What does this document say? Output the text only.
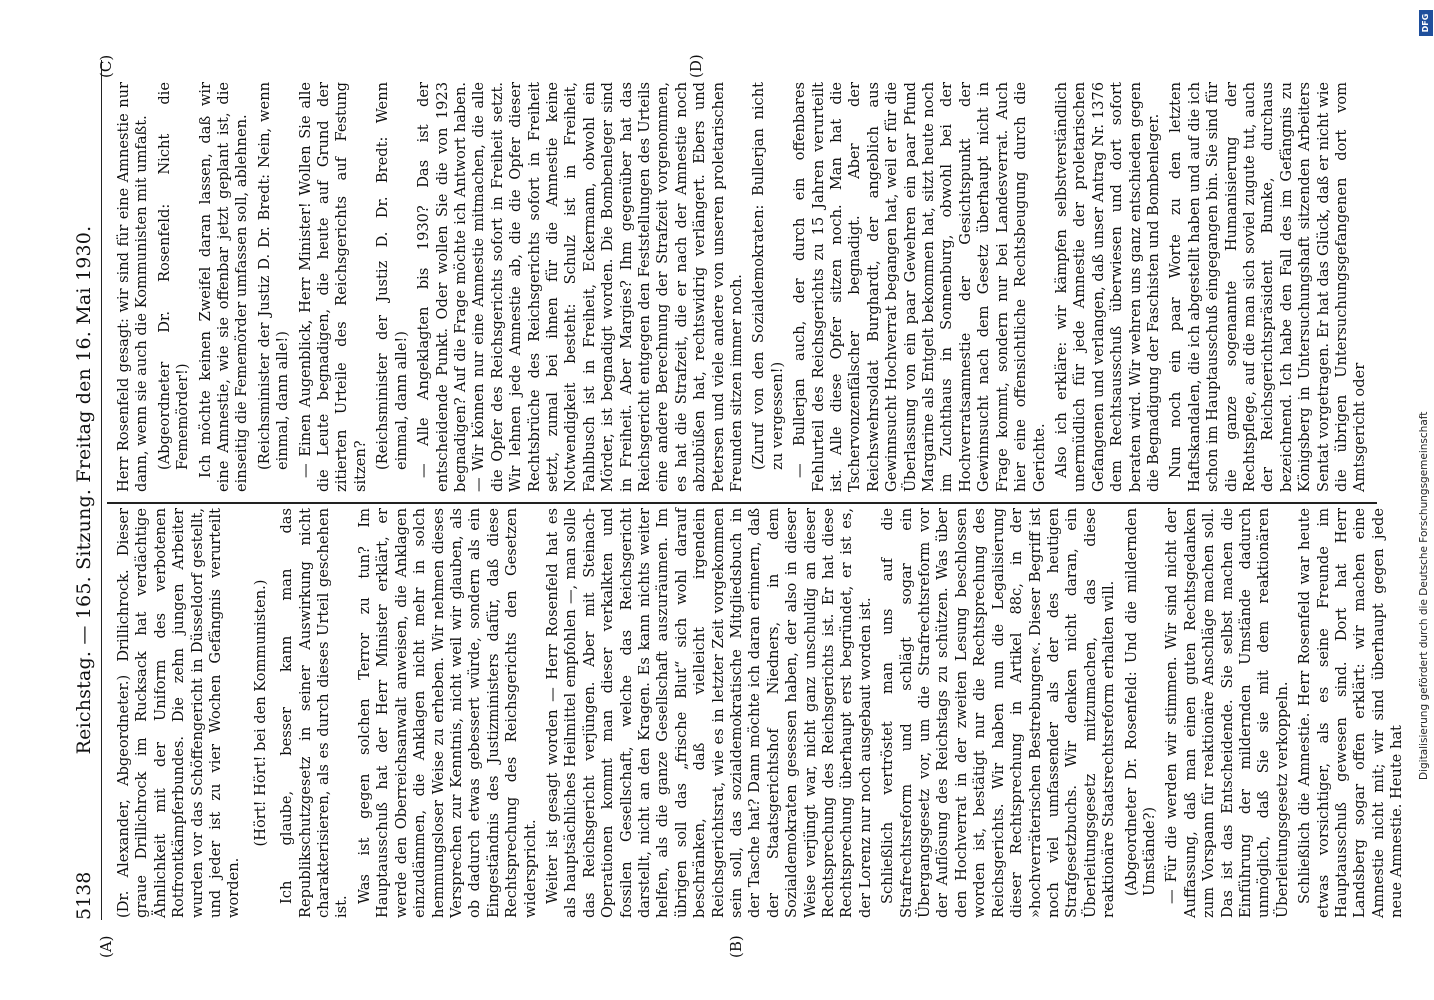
5138
Reichstag. — 165. Sitzung. Freitag den 16. Mai 1930.
(A)	(B)
(C)	(D)

(Dr. Alexander, Abgeordneter.) Drillichrock. Dieser graue Drillichrock im Rucksack hat verdächtige Ähnlichkeit mit der Uniform des verbotenen Rotfrontkämpferbundes. Die zehn jungen Arbeiter wurden vor das Schöffengericht in Düsseldorf gestellt, und jeder ist zu vier Wochen Gefängnis verurteilt worden.

(Hört! Hört! bei den Kommunisten.) Ich glaube, besser kann man das Republikschutzgesetz in seiner Auswirkung nicht charakterisieren, als es durch dieses Urteil geschehen ist.

Was ist gegen solchen Terror zu tun? Im Hauptausschuß hat der Herr Minister erklärt, er werde den Oberreichsanwalt anweisen, die Anklagen einzudämmen, die Anklagen nicht mehr in solch hemmungsloser Weise zu erheben. Wir nehmen dieses Versprechen zur Kenntnis, nicht weil wir glauben, als ob dadurch etwas gebessert würde, sondern als ein Eingeständnis des Justizministers dafür, daß diese Rechtsprechung des Reichsgerichts den Gesetzen widerspricht. Weiter ist gesagt worden — Herr Rosenfeld hat es als hauptsächliches Heilmittel empfohlen —, man solle das Reichsgericht verjüngen. Aber mit Steinach-Operationen kommt man dieser verkalkten und fossilen Gesellschaft, welche das Reichsgericht darstellt, nicht an den Kragen. Es kann nichts weiter helfen, als die ganze Gesellschaft auszuräumen. Im übrigen soll das „frische Blut“ sich wohl darauf beschränken, daß vielleicht irgendein Reichsgerichtsrat, wie es in letzter Zeit vorgekommen sein soll, das sozialdemokratische Mitgliedsbuch in der Tasche hat? Dann möchte ich daran erinnern, daß der Staatsgerichtshof Niedners, in dem Sozialdemokraten gesessen haben, der also in dieser Weise verjüngt war, nicht ganz unschuldig an dieser Rechtsprechung des Reichsgerichts ist. Er hat diese Rechtsprechung überhaupt erst begründet, er ist es, der Lorenz nur noch ausgebaut worden ist. Schließlich vertröstet man uns auf die Strafrechtsreform und schlägt sogar ein Übergangsgesetz vor, um die Strafrechtsreform vor der Auflösung des Reichstags zu schützen. Was über den Hochverrat in der zweiten Lesung beschlossen worden ist, bestätigt nur die Rechtsprechung des Reichsgerichts. Wir haben nun die Legalisierung dieser Rechtsprechung in Artikel 88c, in der »hochverräterischen Bestrebungen«. Dieser Begriff ist noch viel umfassender als der des heutigen Strafgesetzbuchs. Wir denken nicht daran, ein Überleitungsgesetz mitzumachen, das diese reaktionäre Staatsrechtsreform erhalten will. (Abgeordneter Dr. Rosenfeld: Und die mildernden Umstände?) — Für die werden wir stimmen. Wir sind nicht der Auffassung, daß man einen guten Rechtsgedanken zum Vorspann für reaktionäre Anschläge machen soll. Das ist das Entscheidende. Sie selbst machen die Einführung der mildernden Umstände dadurch unmöglich, daß Sie sie mit dem reaktionären Überleitungsgesetz verkoppeln. Schließlich die Amnestie. Herr Rosenfeld war heute etwas vorsichtiger, als es seine Freunde im Hauptausschuß gewesen sind. Dort hat Herr Landsberg sogar offen erklärt: wir machen eine Amnestie nicht mit; wir sind überhaupt gegen jede neue Amnestie. Heute hat

Herr Rosenfeld gesagt: wir sind für eine Amnestie nur dann, wenn sie auch die Kommunisten mit umfaßt. (Abgeordneter Dr. Rosenfeld: Nicht die Fememörder!) Ich möchte keinen Zweifel daran lassen, daß wir eine Amnestie, wie sie offenbar jetzt geplant ist, die einseitig die Fememörder umfassen soll, ablehnen. (Reichsminister der Justiz D. Dr. Bredt: Nein, wenn einmal, dann alle!) — Einen Augenblick, Herr Minister! Wollen Sie alle die Leute begnadigen, die heute auf Grund der zitierten Urteile des Reichsgerichts auf Festung sitzen? (Reichsminister der Justiz D. Dr. Bredt: Wenn einmal, dann alle!) — Alle Angeklagten bis 1930? Das ist der entscheidende Punkt. Oder wollen Sie die von 1923 begnadigen? Auf die Frage möchte ich Antwort haben. — Wir können nur eine Amnestie mitmachen, die alle die Opfer des Reichsgerichts sofort in Freiheit setzt. Wir lehnen jede Amnestie ab, die die Opfer dieser Rechtsbrüche des Reichsgerichts sofort in Freiheit setzt, zumal bei ihnen für die Amnestie keine Notwendigkeit besteht: Schulz ist in Freiheit, Fahlbusch ist in Freiheit, Eckermann, obwohl ein Mörder, ist begnadigt worden. Die Bombenleger sind in Freiheit. Aber Margies? Ihm gegenüber hat das Reichsgericht entgegen den Feststellungen des Urteils eine andere Berechnung der Strafzeit vorgenommen, es hat die Strafzeit, die er nach der Amnestie noch abzubüßen hat, rechtswidrig verlängert. Ebers und Petersen und viele andere von unseren proletarischen Freunden sitzen immer noch. (Zuruf von den Sozialdemokraten: Bullerjan nicht zu vergessen!) — Bullerjan auch, der durch ein offenbares Fehlurteil des Reichsgerichts zu 15 Jahren verurteilt ist. Alle diese Opfer sitzen noch. Man hat die Tschervonzenfälscher begnadigt. Aber der Reichswehrsoldat Burghardt, der angeblich aus Gewinnsucht Hochverrat begangen hat, weil er für die Überlassung von ein paar Gewehren ein paar Pfund Margarine als Entgelt bekommen hat, sitzt heute noch im Zuchthaus in Sonnenburg, obwohl bei der Hochverratsamnestie der Gesichtspunkt der Gewinnsucht nach dem Gesetz überhaupt nicht in Frage kommt, sondern nur bei Landesverrat. Auch hier eine offensichtliche Rechtsbeugung durch die Gerichte. Also ich erkläre: wir kämpfen selbstverständlich unermüdlich für jede Amnestie der proletarischen Gefangenen und verlangen, daß unser Antrag Nr. 1376 dem Rechtsausschuß überwiesen und dort sofort beraten wird. Wir wehren uns ganz entschieden gegen die Begnadigung der Faschisten und Bombenleger. Nun noch ein paar Worte zu den letzten Haftskandalen, die ich abgestellt haben und auf die ich schon im Hauptausschuß eingegangen bin. Sie sind für die ganze sogenannte Humanisierung der Rechtspflege, auf die man sich soviel zugute tut, auch der Reichsgerichtspräsident Bumke, durchaus bezeichnend. Ich habe den Fall des im Gefängnis zu Königsberg in Untersuchungshaft sitzenden Arbeiters Sentat vorgetragen. Er hat das Glück, daß er nicht wie die übrigen Untersuchungsgefangenen dort vom Amtsgericht oder

DFG
Digitalisierung gefördert durch die Deutsche Forschungsgemeinschaft
